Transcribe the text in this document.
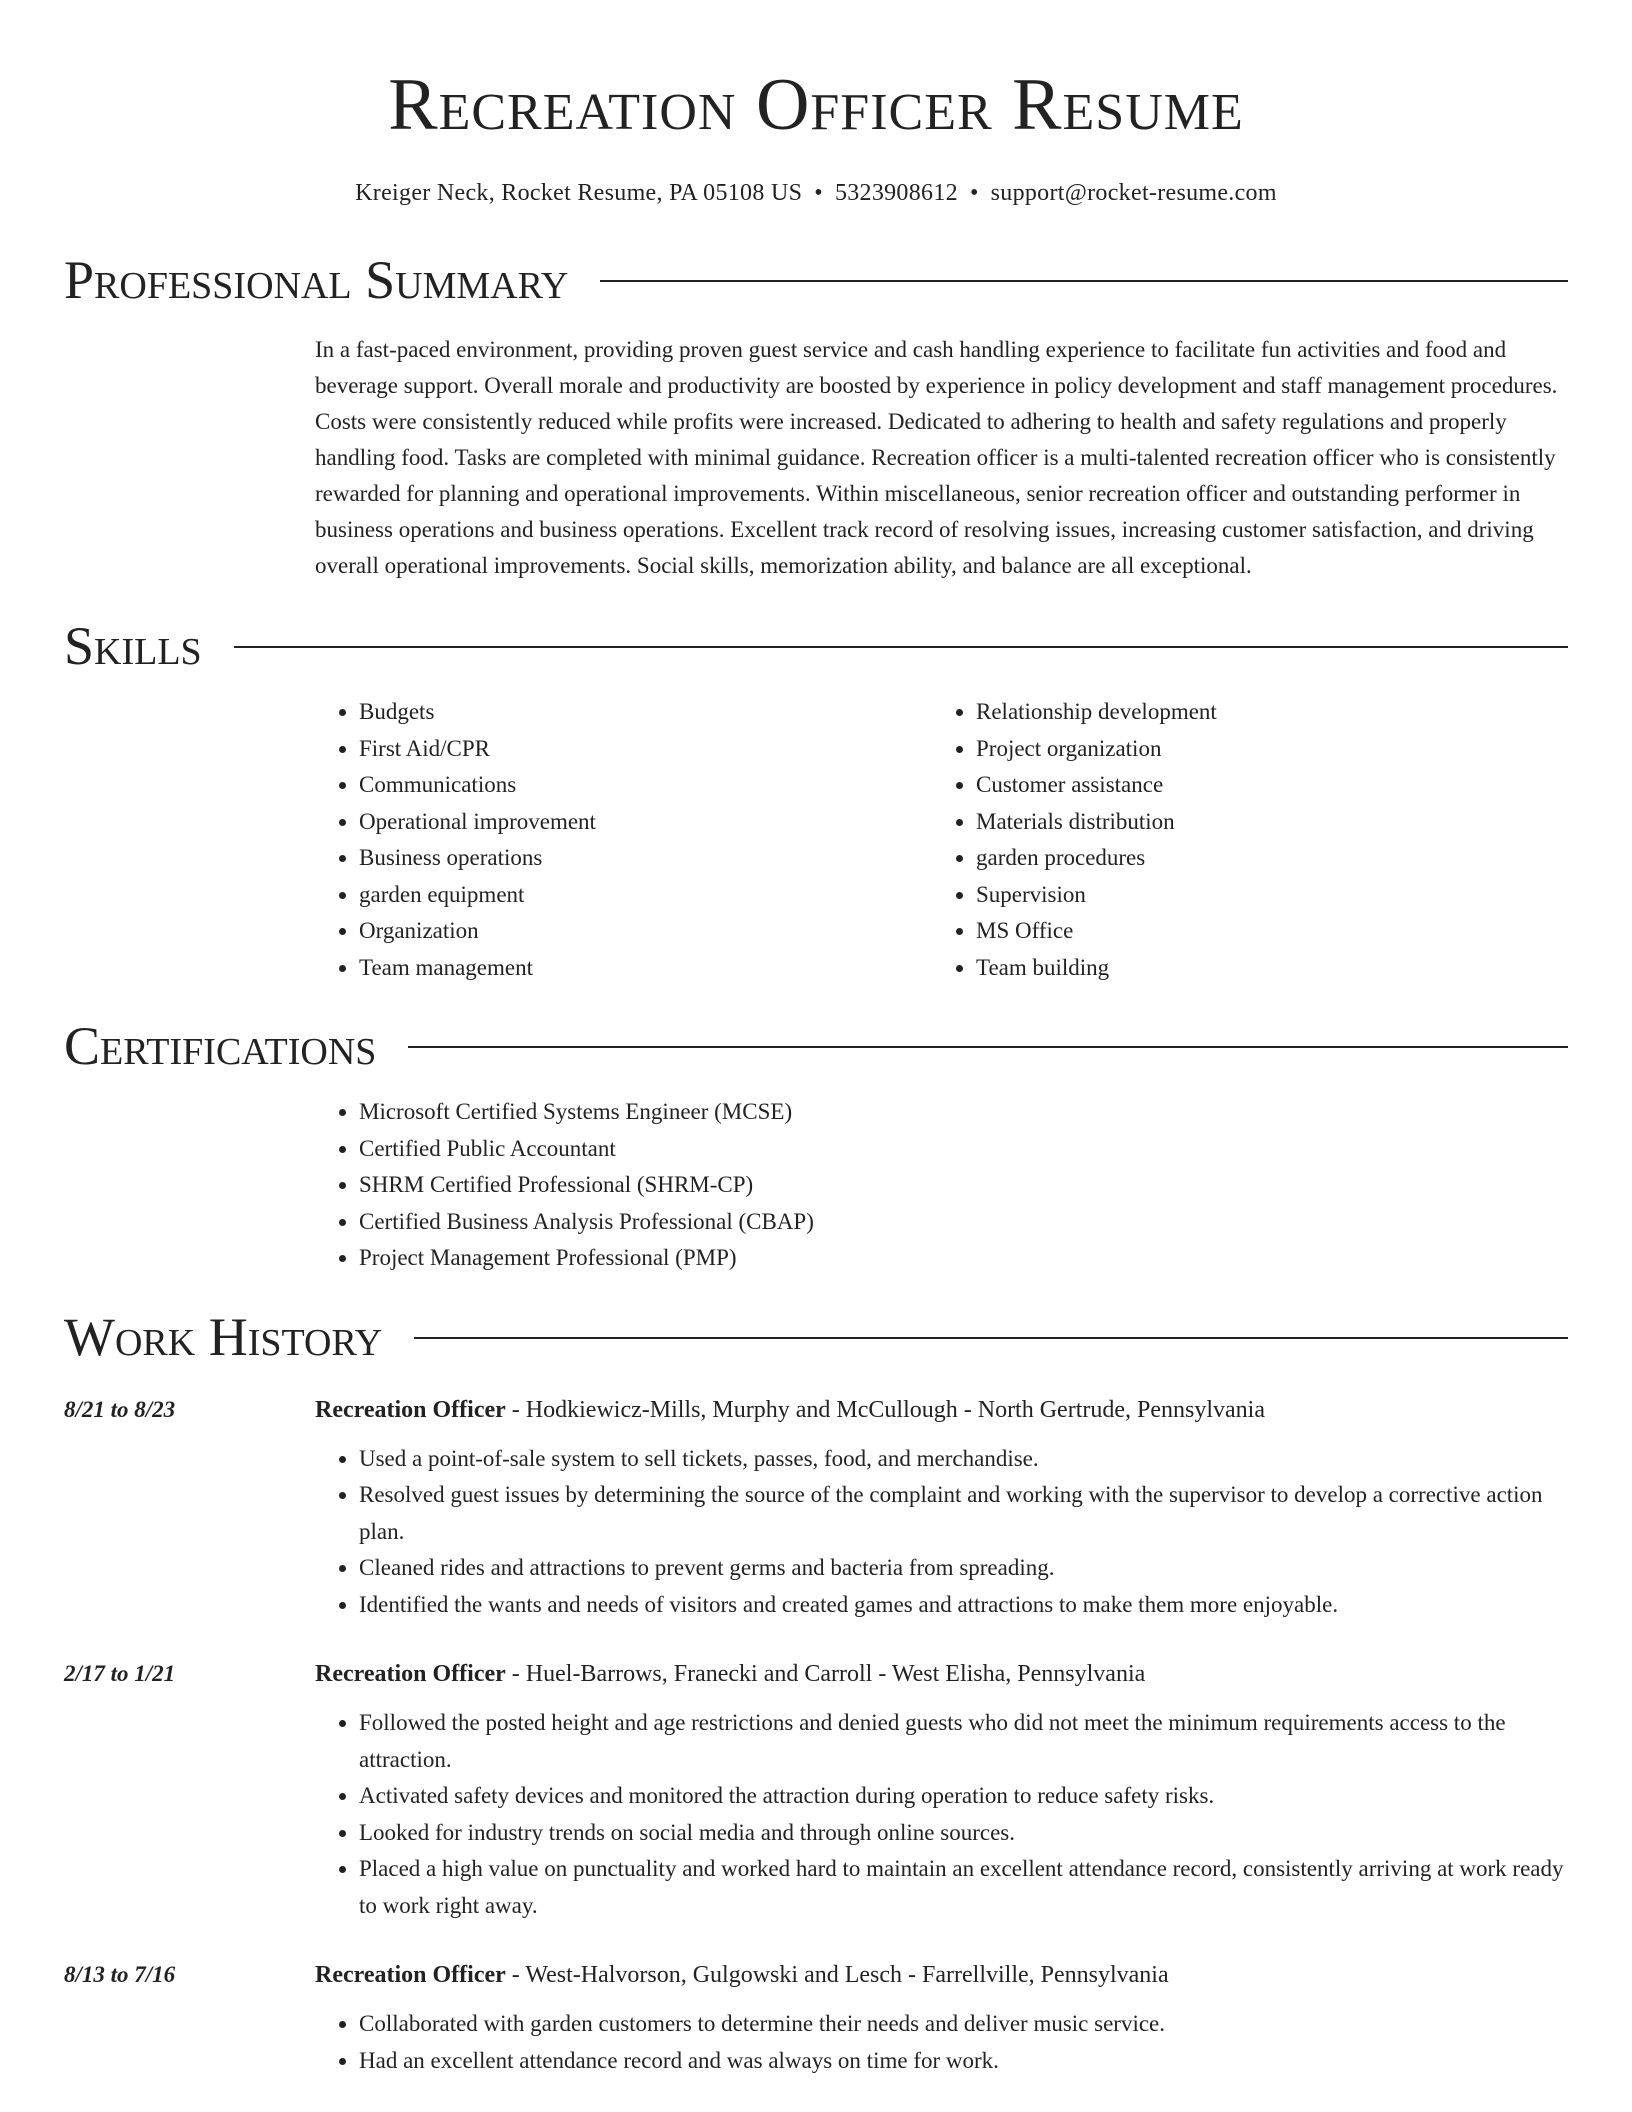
Recreation Officer Resume
Kreiger Neck, Rocket Resume, PA 05108 US • 5323908612 • support@rocket-resume.com
Professional Summary
In a fast-paced environment, providing proven guest service and cash handling experience to facilitate fun activities and food and beverage support. Overall morale and productivity are boosted by experience in policy development and staff management procedures. Costs were consistently reduced while profits were increased. Dedicated to adhering to health and safety regulations and properly handling food. Tasks are completed with minimal guidance. Recreation officer is a multi-talented recreation officer who is consistently rewarded for planning and operational improvements. Within miscellaneous, senior recreation officer and outstanding performer in business operations and business operations. Excellent track record of resolving issues, increasing customer satisfaction, and driving overall operational improvements. Social skills, memorization ability, and balance are all exceptional.
Skills
• Budgets
• First Aid/CPR
• Communications
• Operational improvement
• Business operations
• garden equipment
• Organization
• Team management
• Relationship development
• Project organization
• Customer assistance
• Materials distribution
• garden procedures
• Supervision
• MS Office
• Team building
Certifications
• Microsoft Certified Systems Engineer (MCSE)
• Certified Public Accountant
• SHRM Certified Professional (SHRM-CP)
• Certified Business Analysis Professional (CBAP)
• Project Management Professional (PMP)
Work History
8/21 to 8/23	Recreation Officer - Hodkiewicz-Mills, Murphy and McCullough - North Gertrude, Pennsylvania
• Used a point-of-sale system to sell tickets, passes, food, and merchandise.
• Resolved guest issues by determining the source of the complaint and working with the supervisor to develop a corrective action plan.
• Cleaned rides and attractions to prevent germs and bacteria from spreading.
• Identified the wants and needs of visitors and created games and attractions to make them more enjoyable.
2/17 to 1/21	Recreation Officer - Huel-Barrows, Franecki and Carroll - West Elisha, Pennsylvania
• Followed the posted height and age restrictions and denied guests who did not meet the minimum requirements access to the attraction.
• Activated safety devices and monitored the attraction during operation to reduce safety risks.
• Looked for industry trends on social media and through online sources.
• Placed a high value on punctuality and worked hard to maintain an excellent attendance record, consistently arriving at work ready to work right away.
8/13 to 7/16	Recreation Officer - West-Halvorson, Gulgowski and Lesch - Farrellville, Pennsylvania
• Collaborated with garden customers to determine their needs and deliver music service.
• Had an excellent attendance record and was always on time for work.
